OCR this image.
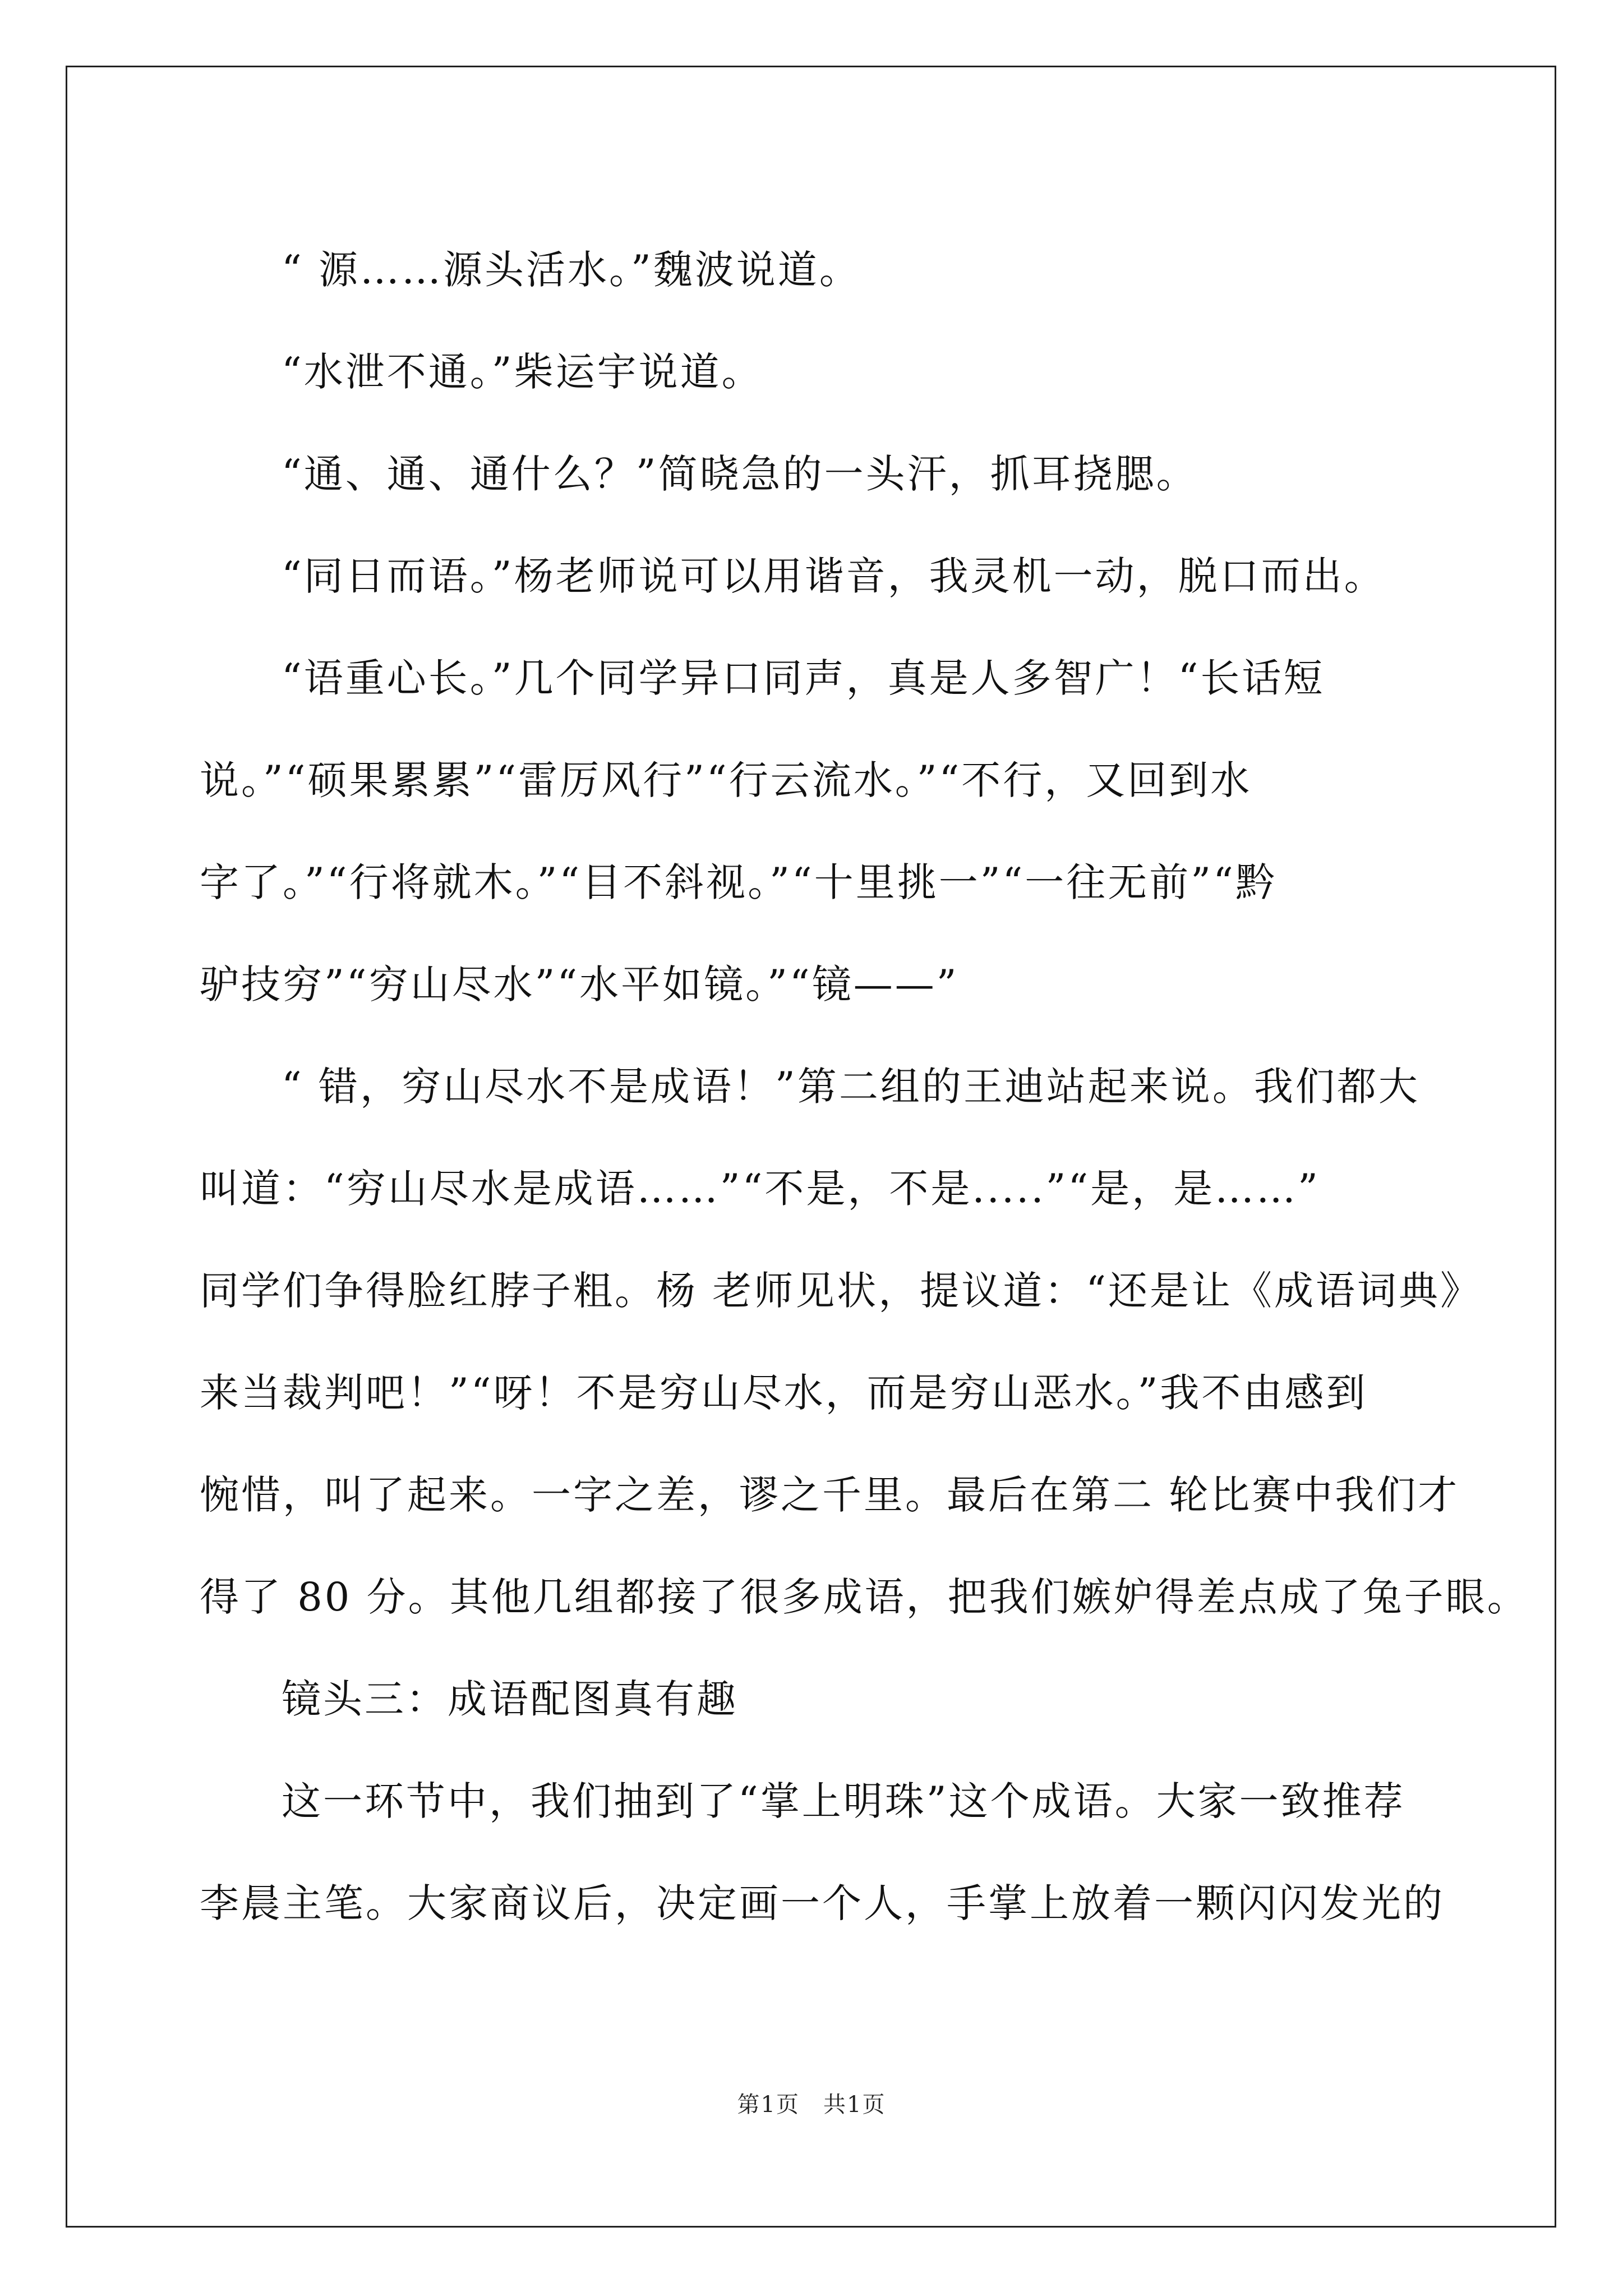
“ 源……源头活水。”魏波说道。
“水泄不通。”柴运宇说道。
“通、通、通什么？”简晓急的一头汗，抓耳挠腮。
“同日而语。”杨老师说可以用谐音，我灵机一动，脱口而出。
“语重心长。”几个同学异口同声，真是人多智广！“长话短
说。”“硕果累累”“雷厉风行”“行云流水。”“不行，又回到水
字了。”“行将就木。”“目不斜视。”“十里挑一”“一往无前”“黔
驴技穷”“穷山尽水”“水平如镜。”“镜——”
“ 错，穷山尽水不是成语！”第二组的王迪站起来说。我们都大
叫道：“穷山尽水是成语……”“不是，不是.....”“是，是……”
同学们争得脸红脖子粗。杨 老师见状，提议道：“还是让《成语词典》
来当裁判吧！”“呀！不是穷山尽水，而是穷山恶水。”我不由感到
惋惜，叫了起来。一字之差，谬之千里。最后在第二 轮比赛中我们才
得了 80 分。其他几组都接了很多成语，把我们嫉妒得差点成了兔子眼。
镜头三：成语配图真有趣
这一环节中，我们抽到了“掌上明珠”这个成语。大家一致推荐
李晨主笔。大家商议后，决定画一个人，手掌上放着一颗闪闪发光的
第1页　共1页
